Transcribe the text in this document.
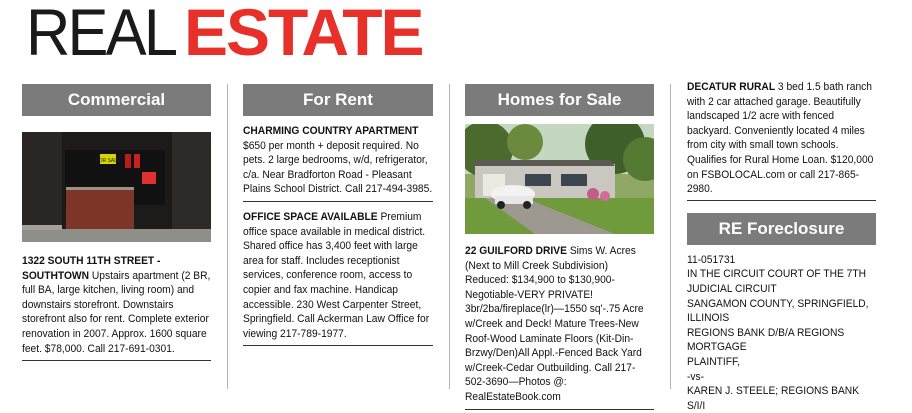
REAL ESTATE
Commercial
FOR SALE
1322 SOUTH 11TH STREET - SOUTHTOWN Upstairs apartment (2 BR, full BA, large kitchen, living room) and downstairs storefront. Downstairs storefront also for rent. Complete exterior renovation in 2007. Approx. 1600 square feet. $78,000. Call 217-691-0301.
For Rent
CHARMING COUNTRY APARTMENT
$650 per month + deposit required. No pets. 2 large bedrooms, w/d, refrigerator, c/a. Near Bradforton Road - Pleasant Plains School District. Call 217-494-3985.
OFFICE SPACE AVAILABLE Premium office space available in medical district. Shared office has 3,400 feet with large area for staff. Includes receptionist services, conference room, access to copier and fax machine. Handicap accessible. 230 West Carpenter Street, Springfield. Call Ackerman Law Office for viewing 217-789-1977.
Homes for Sale
22 GUILFORD DRIVE Sims W. Acres (Next to Mill Creek Subdivision) Reduced: $134,900 to $130,900-Negotiable-VERY PRIVATE! 3br/2ba/fireplace(lr)—1550 sq'-.75 Acre w/Creek and Deck! Mature Trees-New Roof-Wood Laminate Floors (Kit-Din-Brzwy/Den)All Appl.-Fenced Back Yard w/Creek-Cedar Outbuilding. Call 217-502-3690—Photos @: RealEstateBook.com
DECATUR RURAL 3 bed 1.5 bath ranch with 2 car attached garage. Beautifully landscaped 1/2 acre with fenced backyard. Conveniently located 4 miles from city with small town schools. Qualifies for Rural Home Loan. $120,000 on FSBOLOCAL.com or call 217-865-2980.
RE Foreclosure
11-051731
IN THE CIRCUIT COURT OF THE 7TH JUDICIAL CIRCUIT
SANGAMON COUNTY, SPRINGFIELD, ILLINOIS
REGIONS BANK D/B/A REGIONS MORTGAGE
PLAINTIFF,
-vs-
KAREN J. STEELE; REGIONS BANK S/I/I
